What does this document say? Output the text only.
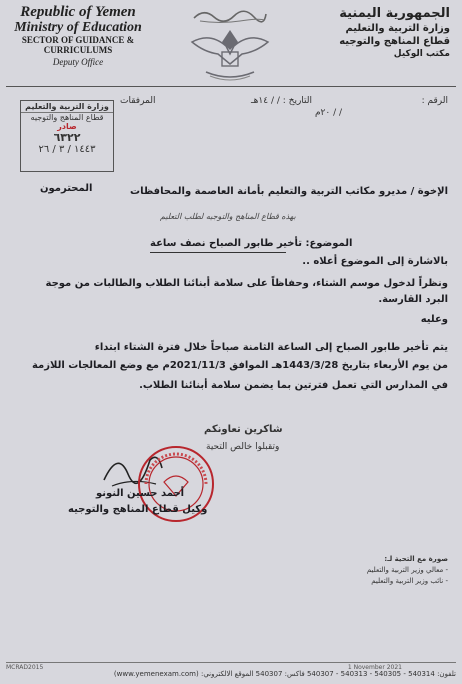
Republic of Yemen
Ministry of Education
SECTOR OF GUIDANCE &
CURRICULUMS
Deputy Office
الجمهورية اليمنية
وزارة التربية والتعليم
قطاع المناهج والتوجيه
مكتب الوكيل
الرقم :
التاريخ : / / ١٤هـ
/ / ٢٠م
المرفقات
وزارة التربية والتعليم
قطاع المناهج والتوجيه
صادر
٦٣٢٢
١٤٤٣ / ٣ / ٢٦
الإخوة / مديرو مكاتب التربية والتعليم بأمانة العاصمة والمحافظات
المحترمون
بهذه قطاع المناهج والتوجيه لطلب التعليم
الموضوع: تأخير طابور الصباح نصف ساعة
بالاشارة إلى الموضوع أعلاه ..
ونظراً لدخول موسم الشتاء، وحفاظاً على سلامة أبنائنا الطلاب والطالبات من موجة
البرد القارسة.
وعليه
يتم تأخير طابور الصباح إلى الساعة الثامنة صباحاً خلال فترة الشتاء ابتداء
من يوم الأربعاء بتاريخ 1443/3/28هـ الموافق 2021/11/3م مع وضع المعالجات اللازمة
في المدارس التي تعمل فترتين بما يضمن سلامة أبنائنا الطلاب.
شاكرين تعاونكم
وتقبلوا خالص التحية
أحمد حسين النونو
وكيل قطاع المناهج والتوجيه
صورة مع التحية لـ:
- معالي وزير التربية والتعليم
- نائب وزير التربية والتعليم
MCRAD2015	1 November 2021
تلفون: 540314 - 540305 - 540313 - 540307 فاكس: 540307 الموقع الالكتروني: (www.yemenexam.com)
